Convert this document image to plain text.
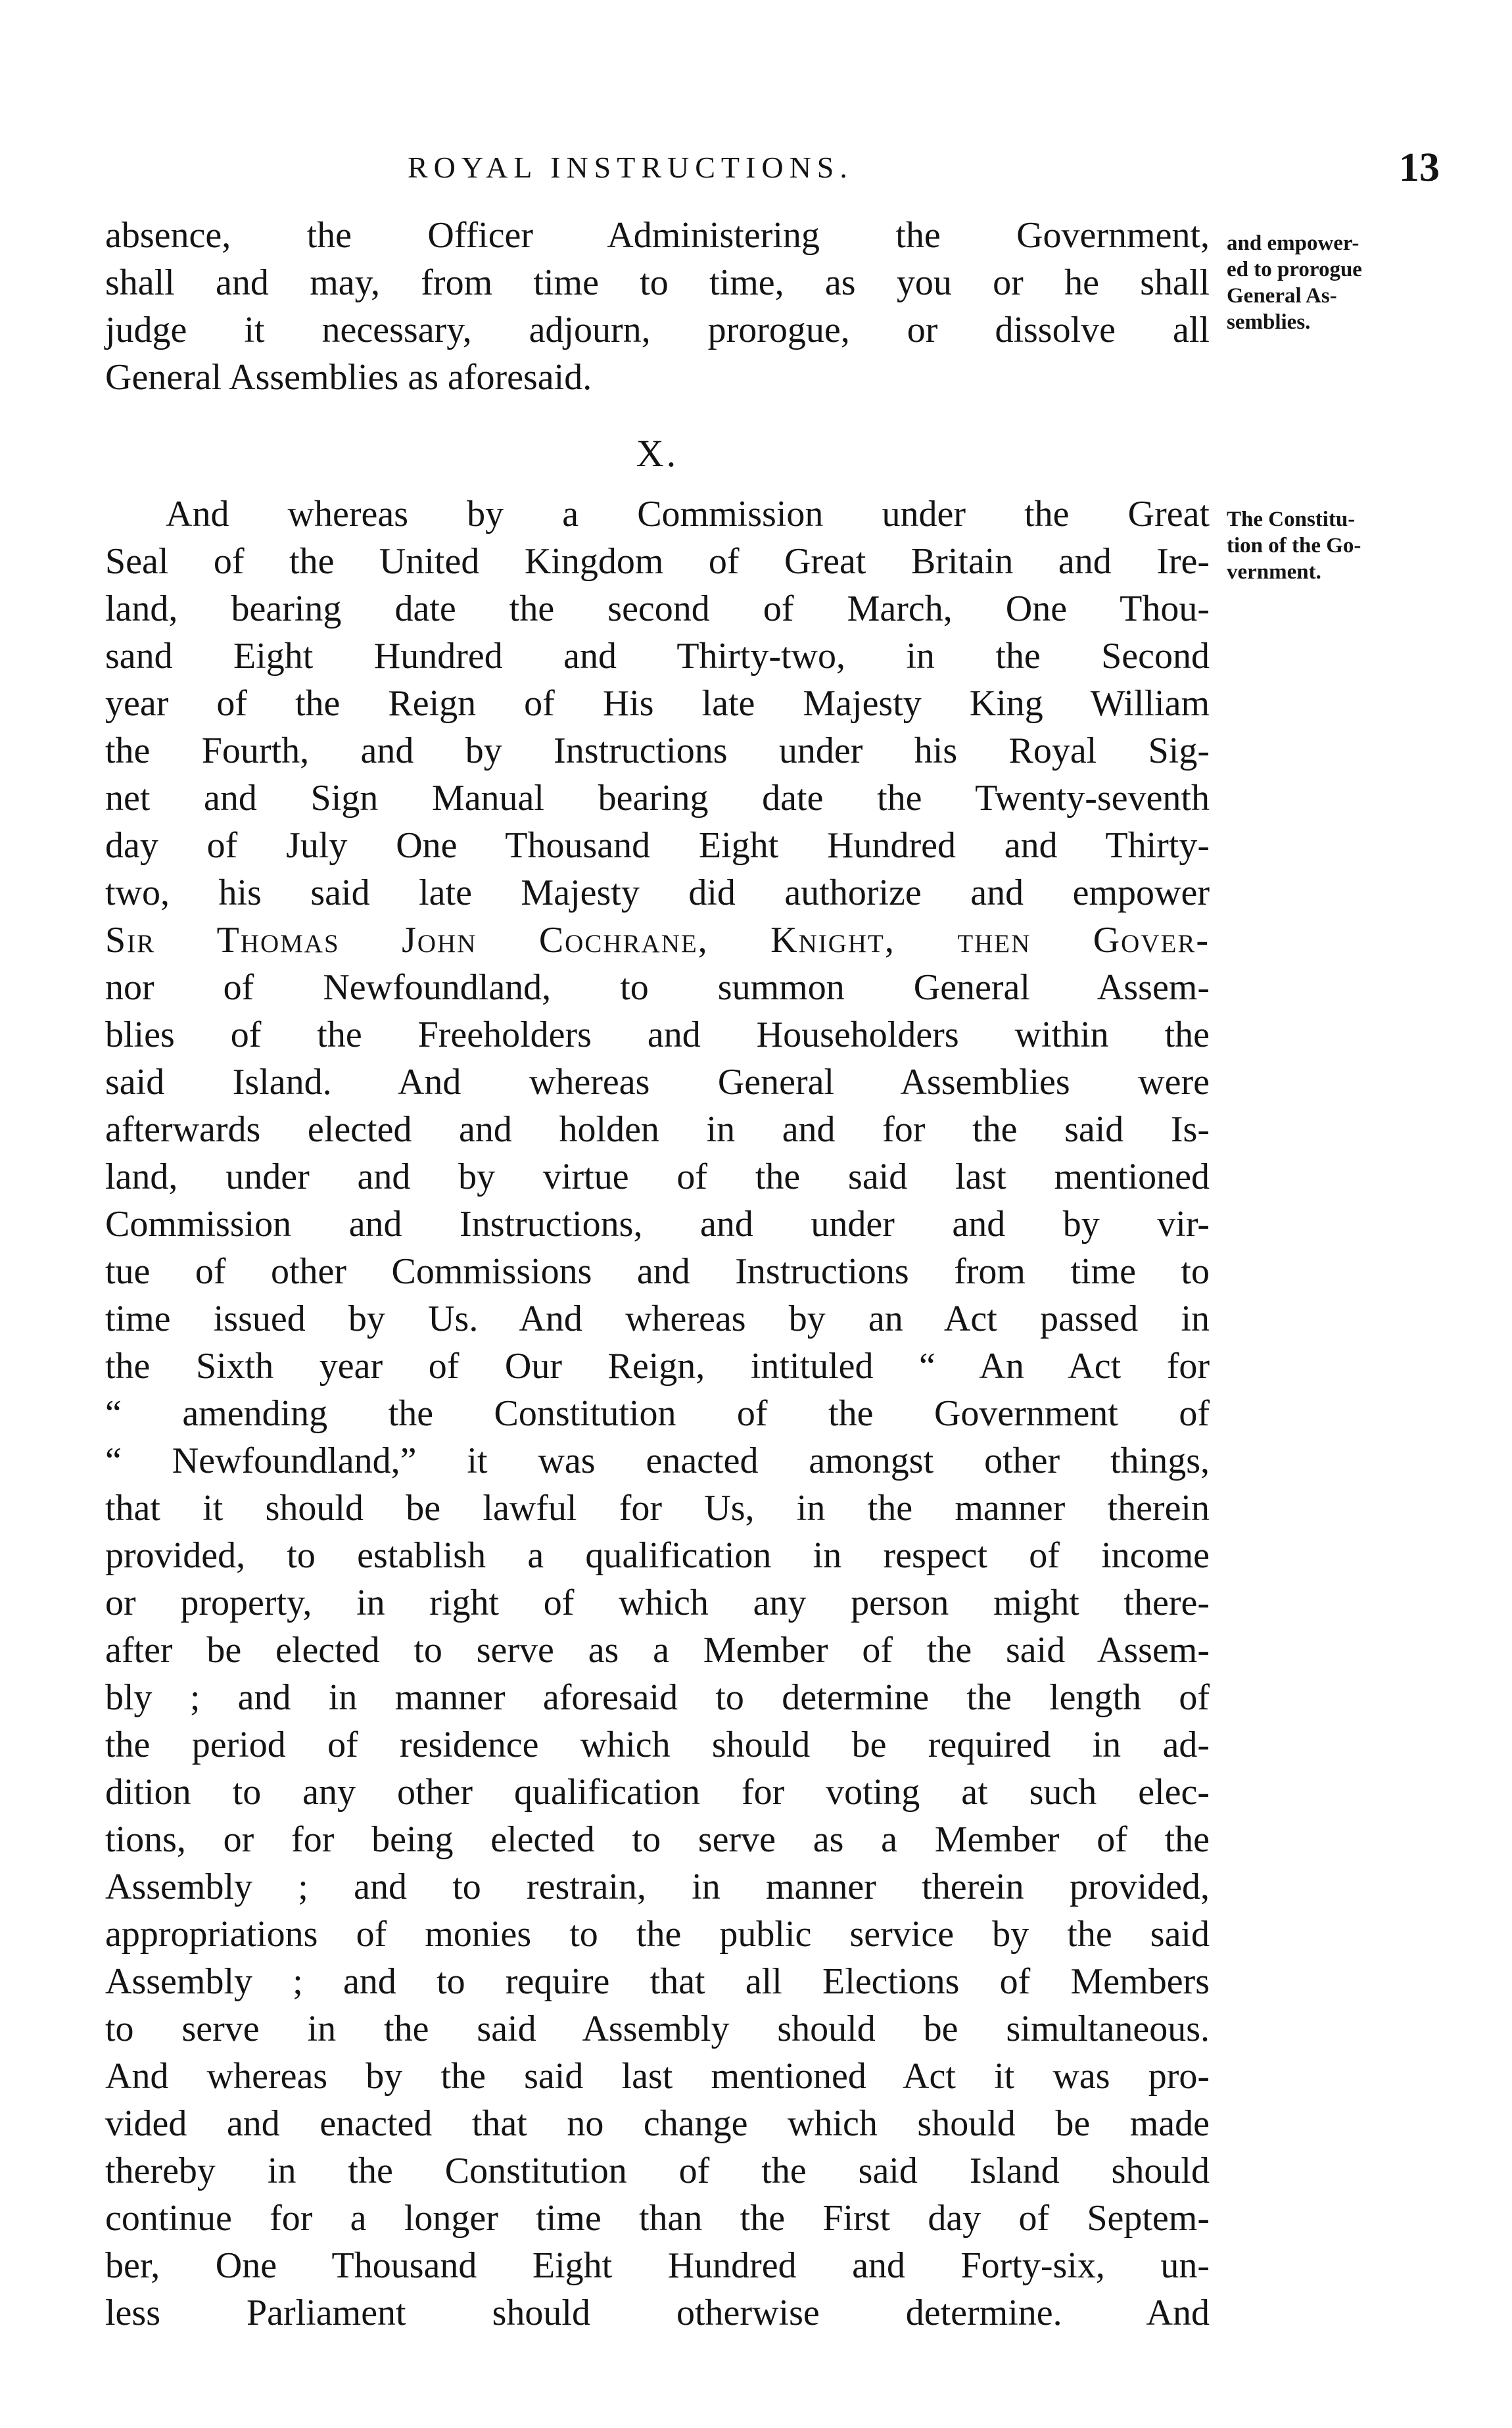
ROYAL INSTRUCTIONS.	13
absence, the Officer Administering the Government,
shall and may, from time to time, as you or he shall
judge it necessary, adjourn, prorogue, or dissolve all
General Assemblies as aforesaid.
and empower-
ed to prorogue
General As-
semblies.
X.
And whereas by a Commission under the Great
Seal of the United Kingdom of Great Britain and Ire-
land, bearing date the second of March, One Thou-
sand Eight Hundred and Thirty-two, in the Second
year of the Reign of His late Majesty King William
the Fourth, and by Instructions under his Royal Sig-
net and Sign Manual bearing date the Twenty-seventh
day of July One Thousand Eight Hundred and Thirty-
two, his said late Majesty did authorize and empower
Sir Thomas John Cochrane, Knight, then Gover-
nor of Newfoundland, to summon General Assem-
blies of the Freeholders and Householders within the
said Island. And whereas General Assemblies were
afterwards elected and holden in and for the said Is-
land, under and by virtue of the said last mentioned
Commission and Instructions, and under and by vir-
tue of other Commissions and Instructions from time to
time issued by Us. And whereas by an Act passed in
the Sixth year of Our Reign, intituled “ An Act for
“ amending the Constitution of the Government of
“ Newfoundland,” it was enacted amongst other things,
that it should be lawful for Us, in the manner therein
provided, to establish a qualification in respect of income
or property, in right of which any person might there-
after be elected to serve as a Member of the said Assem-
bly ; and in manner aforesaid to determine the length of
the period of residence which should be required in ad-
dition to any other qualification for voting at such elec-
tions, or for being elected to serve as a Member of the
Assembly ; and to restrain, in manner therein provided,
appropriations of monies to the public service by the said
Assembly ; and to require that all Elections of Members
to serve in the said Assembly should be simultaneous.
And whereas by the said last mentioned Act it was pro-
vided and enacted that no change which should be made
thereby in the Constitution of the said Island should
continue for a longer time than the First day of Septem-
ber, One Thousand Eight Hundred and Forty-six, un-
less Parliament should otherwise determine. And
The Constitu-
tion of the Go-
vernment.
